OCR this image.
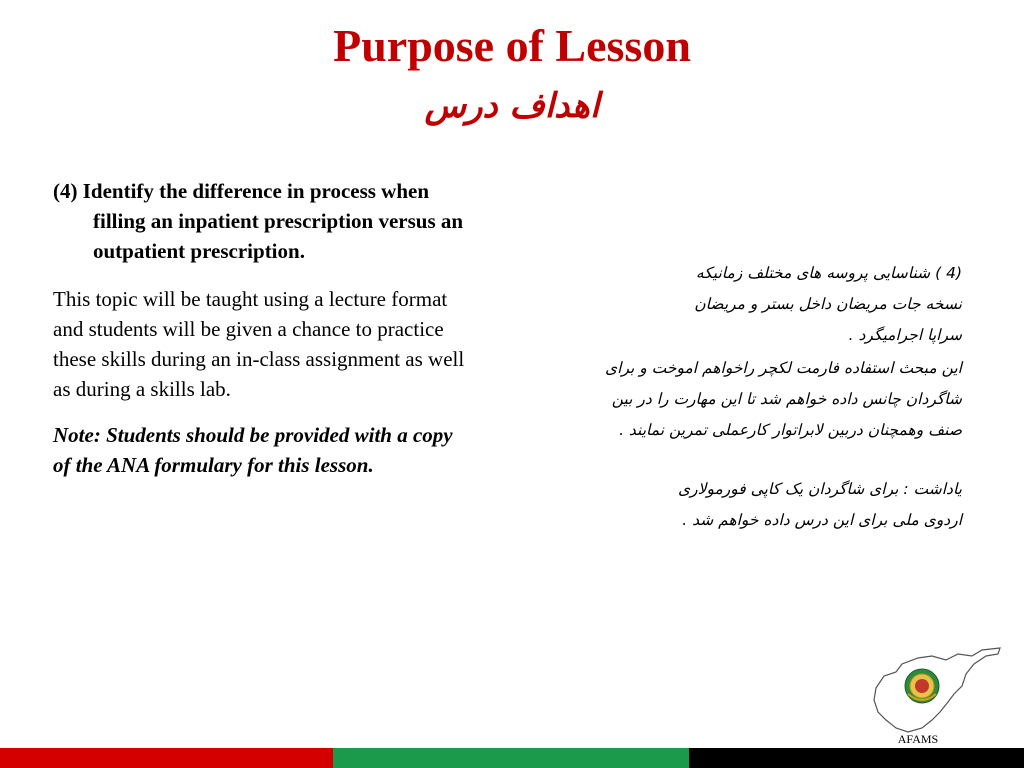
Purpose of Lesson
اهداف درس

(4) Identify the difference in process when filling an inpatient prescription versus an outpatient prescription.

This topic will be taught using a lecture format and students will be given a chance to practice these skills during an in-class assignment as well as during a skills lab.

Note: Students should be provided with a copy of the ANA formulary for this lesson.

(4 ) شناسایی پروسه های مختلف زمانیکه نسخه جات مریضان داخل بستر و مریضان سراپا اجرامیگرد .

این مبحث استفاده فارمت لکچر راخواهم اموخت و برای شاگردان چانس داده خواهم شد تا این مهارت را در بین صنف وهمچنان دربین لابراتوار کارعملی تمرین نمایند .

یاداشت : برای شاگردان یک کاپی فورمولاری اردوی ملی برای این درس داده خواهم شد .

AFAMS
